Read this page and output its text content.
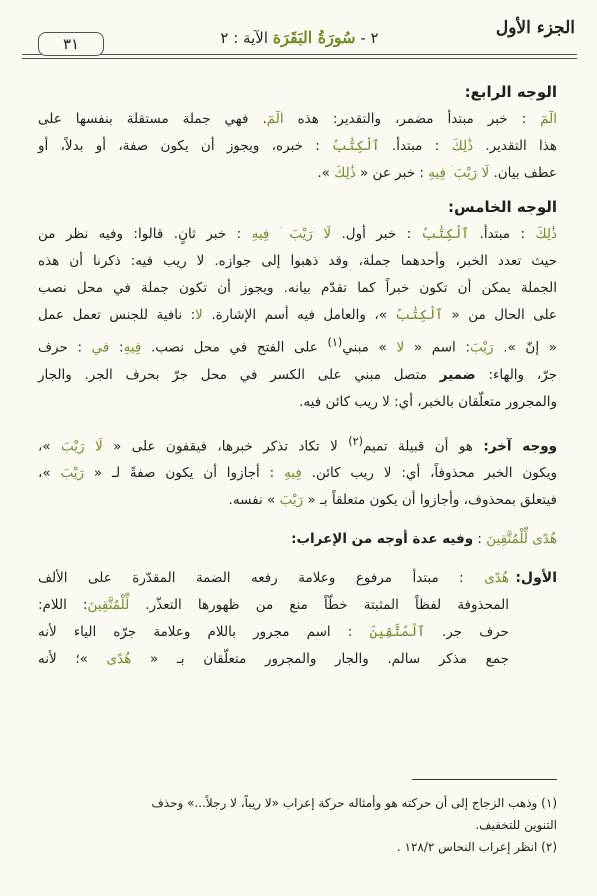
الجزء الأول
٢ - سُورَةُ البَقَرَة الآية : ٢
٣١
الوجه الرابع:
الٓمٓ : خبر مبتدأ مضمر، والتقدير: هذه الٓمٓ. فهي جملة مستقلة بنفسها على
هذا التقدير. ذَٰلِكَ : مبتدأ. ٱلْكِتَٰبُ : خبره، ويجوز أن يكون صفة، أو بدلاً، أو
عطف بيان. لَا رَيْبَ ۛ فِيهِ : خبر عن « ذَٰلِكَ ».
الوجه الخامس:
ذَٰلِكَ : مبتدأ. ٱلْكِتَٰبُ : خبر أول. لَا رَيْبَ ۛ فِيهِ : خبر ثانٍ. قالوا: وفيه نظر من
حيث تعدد الخبر، وأحدهما جملة، وقد ذهبوا إلى جوازه. لا ريب فيه: ذكرنا أن هذه
الجملة يمكن أن تكون خبراً كما تقدّم بيانه. ويجوز أن تكون جملة في محل نصب
على الحال من « ٱلْكِتَٰبُ »، والعامل فيه أسم الإشارة. لا: نافية للجنس تعمل عمل
« إنّ ». رَيْبَ: اسم « لا » مبني$^{(١)}$ على الفتح في محل نصب. فِيهِ: في : حرف
جرّ، والهاء: ضمير متصل مبني على الكسر في محل جرّ بحرف الجر. والجار
والمجرور متعلّقان بالخبر، أي: لا ريب كائن فيه.
ووجه آخر: هو أن قبيلة تميم$^{(٢)}$ لا تكاد تذكر خبرها، فيقفون على « لَا رَيْبَ »،
ويكون الخبر محذوفاً، أي: لا ريب كائن. فِيهِ : أجازوا أن يكون صفةً لـ « رَيْبَ »،
فيتعلق بمحذوف، وأجازوا أن يكون متعلقاً بـ « رَيْبَ » نفسه.
هُدًى لِّلْمُتَّقِينَ : وفيه عدة أوجه من الإعراب:
الأول:
هُدًى : مبتدأ مرفوع وعلامة رفعه الضمة المقدّرة على الألف
المحذوفة لفظاً المثبتة خطّاً منع من ظهورها التعذّر. لِّلْمُتَّقِينَ: اللام:
حرف جر. ٱلْمُتَّقِينَ : اسم مجرور باللام وعلامة جرّه الياء لأنه
جمع مذكر سالم. والجار والمجرور متعلّقان بـ « هُدًى »؛ لأنه
(١) وذهب الزجاج إلى أن حركته هو وأمثاله حركة إعراب «لا ريباً، لا رجلاً...» وحذف
التنوين للتخفيف.
(٢) انظر إعراب النحاس ١٢٨/٢ .
